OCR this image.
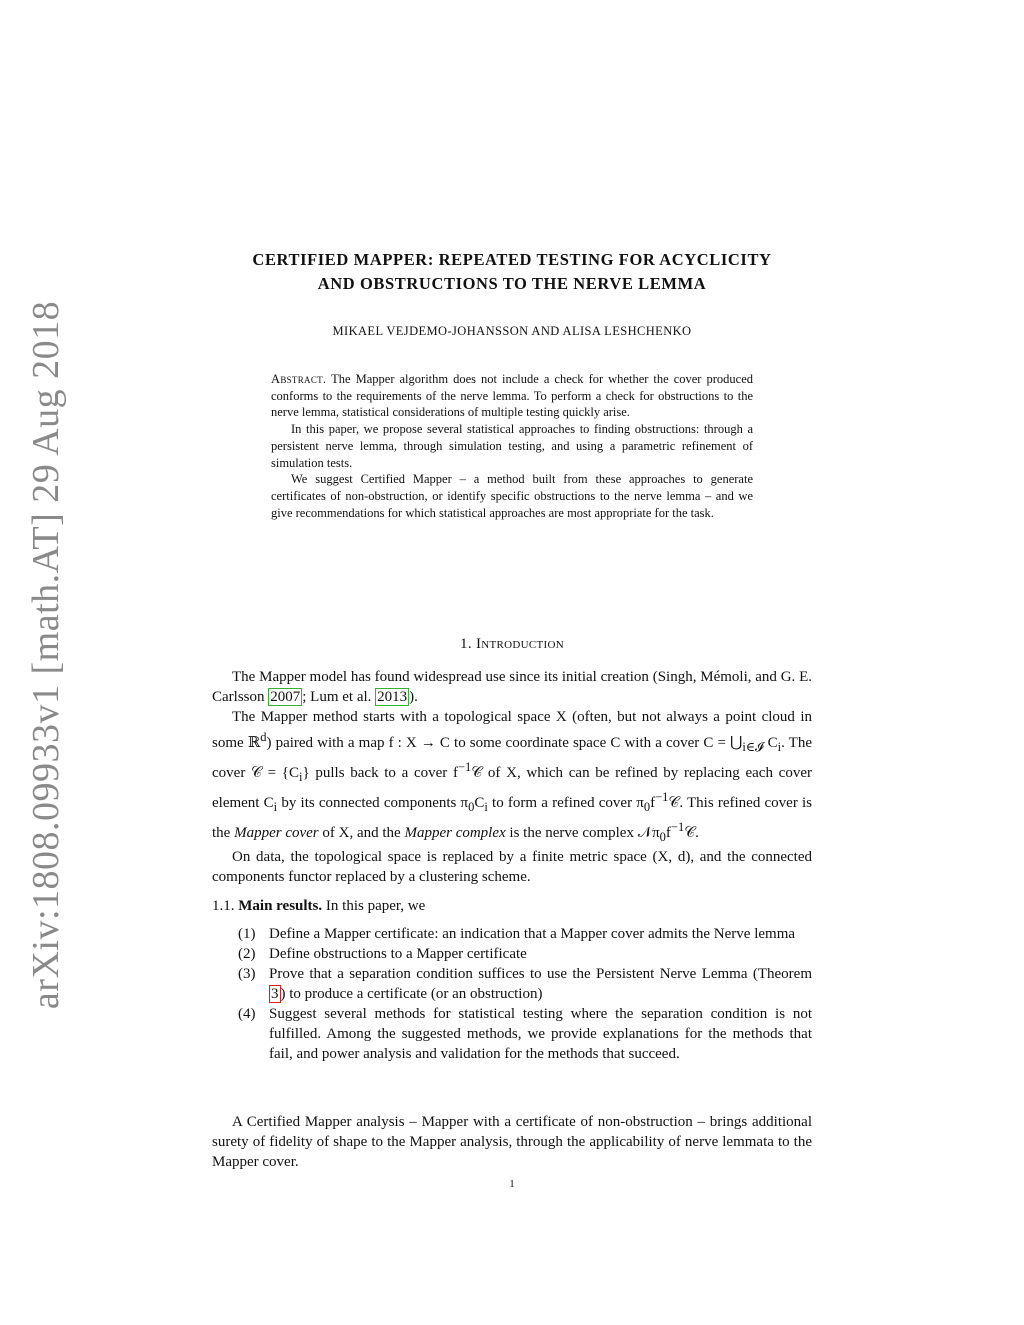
arXiv:1808.09933v1 [math.AT] 29 Aug 2018
CERTIFIED MAPPER: REPEATED TESTING FOR ACYCLICITY
AND OBSTRUCTIONS TO THE NERVE LEMMA
MIKAEL VEJDEMO-JOHANSSON AND ALISA LESHCHENKO

Abstract. The Mapper algorithm does not include a check for whether the cover produced conforms to the requirements of the nerve lemma. To perform a check for obstructions to the nerve lemma, statistical considerations of multiple testing quickly arise.

In this paper, we propose several statistical approaches to finding obstructions: through a persistent nerve lemma, through simulation testing, and using a parametric refinement of simulation tests.

We suggest Certified Mapper – a method built from these approaches to generate certificates of non-obstruction, or identify specific obstructions to the nerve lemma – and we give recommendations for which statistical approaches are most appropriate for the task.

1. Introduction

The Mapper model has found widespread use since its initial creation (Singh, Mémoli, and G. E. Carlsson 2007 ; Lum et al. 2013 ).

The Mapper method starts with a topological space X (often, but not always a point cloud in some ℝ$^d$) paired with a map f : X → C to some coordinate space C with a cover $C = ⋃_{i\in 𝓘}$ $C_i$. The cover 𝒞 = $\{C_i\}$ pulls back to a cover $f^{-1}𝒞$ of X, which can be refined by replacing each cover element $C_i$ by its connected components $\pi_0C_i$ to form a refined cover $\pi_0f^{-1}𝒞$. This refined cover is the Mapper cover of X, and the Mapper complex is the nerve complex $𝒩\pi_0f^{-1}𝒞$.

On data, the topological space is replaced by a finite metric space (X, d), and the connected components functor replaced by a clustering scheme.

1.1. Main results. In this paper, we
(1) Define a Mapper certificate: an indication that a Mapper cover admits the Nerve lemma
(2) Define obstructions to a Mapper certificate
(3) Prove that a separation condition suffices to use the Persistent Nerve Lemma (Theorem 3 ) to produce a certificate (or an obstruction)
(4) Suggest several methods for statistical testing where the separation condition is not fulfilled. Among the suggested methods, we provide explanations for the methods that fail, and power analysis and validation for the methods that succeed.

A Certified Mapper analysis – Mapper with a certificate of non-obstruction – brings additional surety of fidelity of shape to the Mapper analysis, through the applicability of nerve lemmata to the Mapper cover.

1
